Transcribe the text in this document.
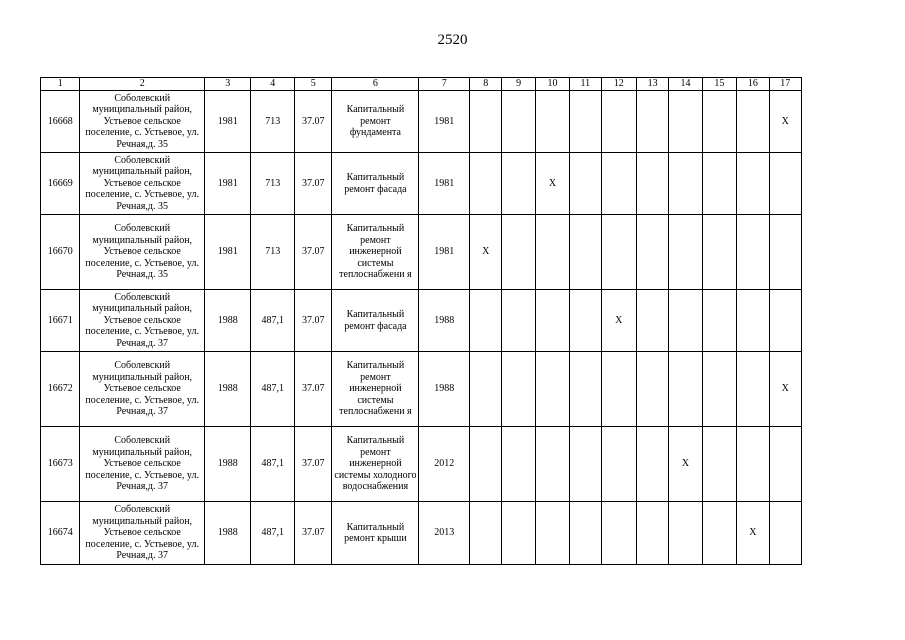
2520
1	2	3	4	5	6	7	8	9	10	11	12	13	14	15	16	17
16668	Соболевский муниципальный район, Устьевое сельское поселение, с. Устьевое, ул. Речная,д. 35	1981	713	37.07	Капитальный ремонт фундамента	1981										X
16669	Соболевский муниципальный район, Устьевое сельское поселение, с. Устьевое, ул. Речная,д. 35	1981	713	37.07	Капитальный ремонт фасада	1981			X							
16670	Соболевский муниципальный район, Устьевое сельское поселение, с. Устьевое, ул. Речная,д. 35	1981	713	37.07	Капитальный ремонт инженерной системы теплоснабжени я	1981	X									
16671	Соболевский муниципальный район, Устьевое сельское поселение, с. Устьевое, ул. Речная,д. 37	1988	487,1	37.07	Капитальный ремонт фасада	1988					X					
16672	Соболевский муниципальный район, Устьевое сельское поселение, с. Устьевое, ул. Речная,д. 37	1988	487,1	37.07	Капитальный ремонт инженерной системы теплоснабжени я	1988										X
16673	Соболевский муниципальный район, Устьевое сельское поселение, с. Устьевое, ул. Речная,д. 37	1988	487,1	37.07	Капитальный ремонт инженерной системы холодного водоснабжения	2012							X			
16674	Соболевский муниципальный район, Устьевое сельское поселение, с. Устьевое, ул. Речная,д. 37	1988	487,1	37.07	Капитальный ремонт крыши	2013									X	
